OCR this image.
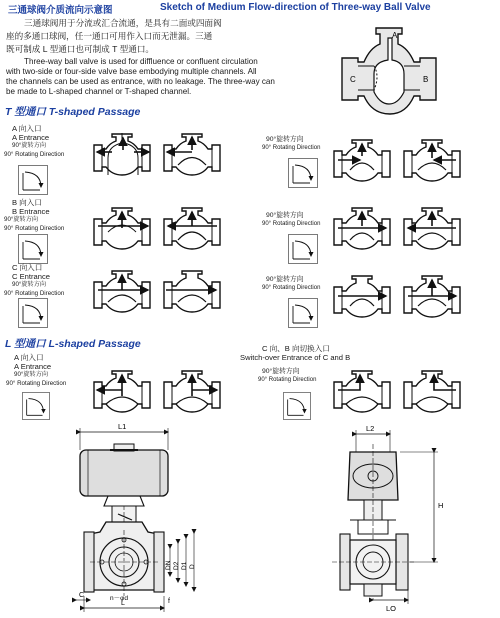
三通球阀介质流向示意图	Sketch of Medium Flow-direction of Three-way Ball Valve
三通球阀用于分流或汇合流通，是具有二面或四面阀
座的多通口球阀，任一通口可用作入口而无泄漏。三通
既可制成 L 型通口也可制成 T 型通口。
Three-way ball valve is used for diffluence or confluent circulation
with two-side or four-side valve base embodying multiple channels. All
the channels can be used as entrance, with no leakage. The three-way can
be made to L-shaped channel or T-shaped channel.
A
C	B
L1
DN D2 D1 D
C
L
n－φd	f
L2
H
LO
T 型通口 T-shaped Passage
A 向入口
A Entrance
90°旋转方向
90° Rotating Direction
B 向入口
B Entrance
90°旋转方向
90° Rotating Direction
C 向入口
C Entrance
90°旋转方向
90° Rotating Direction
90°旋转方向
90° Rotating Direction
90°旋转方向
90° Rotating Direction
90°旋转方向
90° Rotating Direction
L 型通口 L-shaped Passage
A 向入口
A Entrance
90°旋转方向
90° Rotating Direction
C 向、B 向切换入口
Switch-over Entrance of C and B
90°旋转方向
90° Rotating Direction
